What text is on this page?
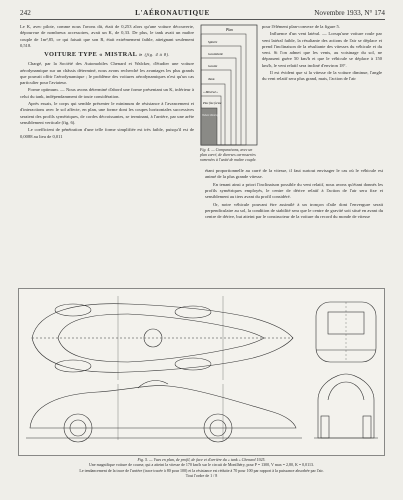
242	L'AÉRONAUTIQUE	Novembre 1933, N° 174

Le K, avec pilote, comme nous l'avons dit, était de 0,253 alors qu'une voiture découverte, dépourvue de nombreux accessoires, avait un K, de 0,33. De plus, le tank avait un maître couple de 1m²,85, ce qui faisait que son R, était extrêmement faible, atteignant seulement 0,518.

VOITURE TYPE « MISTRAL » (fig. 4 à 8).

Chargé, par la Société des Automobiles Chenard et Walcker, d'étudier une voiture aérodynamique sur un châssis déterminé, nous avons recherché les avantages les plus grands que pouvait offrir l'aérodynamique ; le problème des voitures aérodynamiques n'est qu'un cas particulier pour l'aviateur.

Forme optimum. — Nous avons déterminé d'abord une forme présentant un K, inférieur à celui du tank, indépendamment de toute considération.

Après essais, le corps qui semble présenter le minimum de résistance à l'avancement et d'interactions avec le sol affecte, en plan, une forme dont les coupes horizontales successives seraient des profils symétriques, de cordes décroissantes, se terminant, à l'arrière, par une arête sensiblement verticale (fig. 6).

Le coefficient de pénétration d'une telle forme simplifiée est très faible, puisqu'il est de 0,0088 au lieu de 0,011

Plan
Sphère
Gouttelette
Goutte
Tank
« Mistral »
Plus fine forme
Voiture théorique
Fig. 4. — Comparaisons, avec un plan carré, de diverses carrosseries ramenées à l'unité de maître couple.

pour l'élément plan-convexe de la figure 5.

Influence d'un vent latéral. — Lorsqu'une voiture roule par vent latéral faible, la résultante des actions de l'air se déplace et prend l'inclinaison de la résultante des vitesses du véhicule et du vent. Si l'on admet que les vents, au voisinage du sol, ne dépassent guère 50 km/h et que le véhicule se déplace à 150 km/h, le vent relatif sera incliné d'environ 18°.

Il est évident que si la vitesse de la voiture diminue, l'angle du vent relatif sera plus grand, mais, l'action de l'air

étant proportionnelle au carré de la vitesse, il faut surtout envisager le cas où le véhicule est animé de la plus grande vitesse.

En tenant ainsi a priori l'inclinaison possible du vent relatif, nous avons qu'étant donnés les profils symétriques employés, le centre de dérive relatif à l'action de l'air sera fixe et sensiblement au tiers avant du profil considéré.

Or, notre véhicule pouvant être assimilé à un tronçon d'aile dont l'envergure serait perpendiculaire au sol, la condition de stabilité sera que le centre de gravité soit situé en avant du centre de dérive, but atteint par le constructeur de la voiture du record du monde de vitesse

Fig. 5. — Vues en plan, de profil, de face et d'arrière du « tank » Chenard 1925.
Une magnifique voiture de course, qui a atteint la vitesse de 170 km/h sur le circuit de Montlhéry, pour P = 1300, V max = 2,80, K = 0,0113.
Le tendancement de la trace de l'arrière (trace tracée à 80 pour 100) et la résistance est réduite à 70 pour 100 par rapport à la puissance absorbée par l'air.
Tout l'ordre de 1 / 8
